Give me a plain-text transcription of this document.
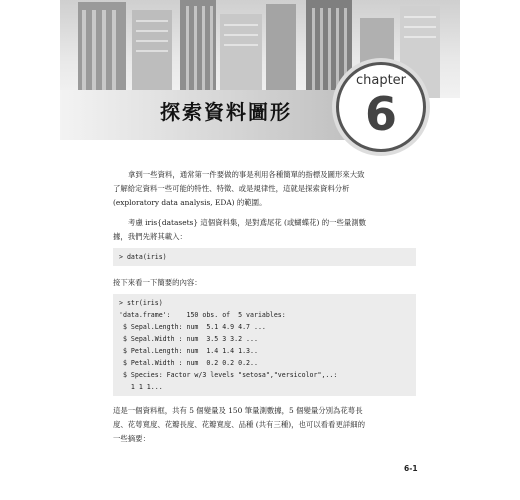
探索資料圖形
chapter
6
拿到一些資料，通常第一件要做的事是利用各種簡單的指標及圖形來大致
了解給定資料一些可能的特性、特徵、或是規律性，這就是探索資料分析
(exploratory data analysis, EDA) 的範圍。
考慮 iris{datasets} 這個資料集，是對鳶尾花 (或蝴蝶花) 的一些量測數
據，我們先將其載入：
> data(iris)
接下來看一下簡要的內容：
> str(iris)
'data.frame':    150 obs. of  5 variables:
$ Sepal.Length: num  5.1 4.9 4.7 ...
$ Sepal.Width : num  3.5 3 3.2 ...
$ Petal.Length: num  1.4 1.4 1.3..
$ Petal.Width : num  0.2 0.2 0.2..
$ Species: Factor w/3 levels "setosa","versicolor",..:
1 1 1...
這是一個資料框，共有 5 個變量及 150 筆量測數據，5 個變量分別為花萼長
度、花萼寬度、花瓣長度、花瓣寬度、品種 (共有三種)，也可以看看更詳細的
一些摘要：
6-1
